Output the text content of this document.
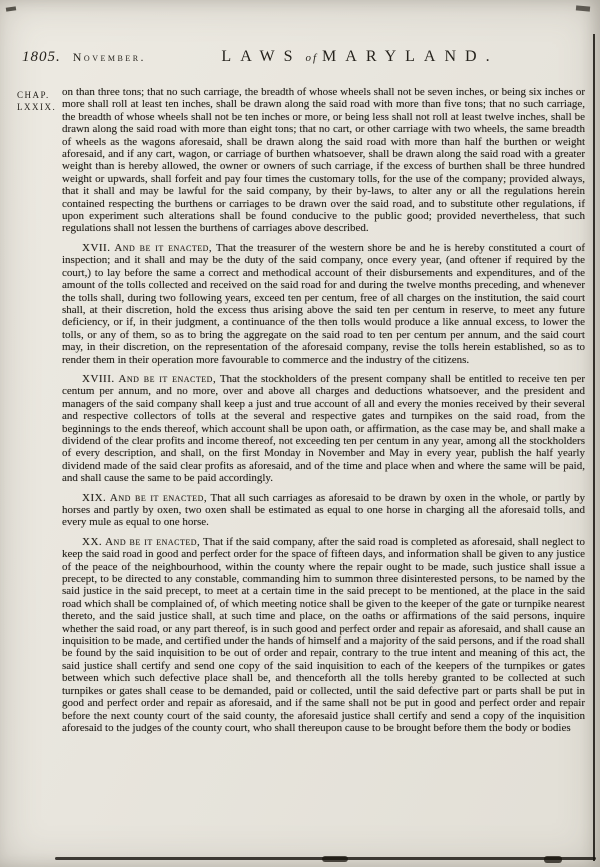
1805. November.	LAWS of MARYLAND.
CHAP.
LXXIX.

on than three tons; that no such carriage, the breadth of whose wheels shall not be seven inches, or being six inches or more shall roll at least ten inches, shall be drawn along the said road with more than five tons; that no such carriage, the breadth of whose wheels shall not be ten inches or more, or being less shall not roll at least twelve inches, shall be drawn along the said road with more than eight tons; that no cart, or other carriage with two wheels, the same breadth of wheels as the wagons aforesaid, shall be drawn along the said road with more than half the burthen or weight aforesaid, and if any cart, wagon, or carriage of burthen whatsoever, shall be drawn along the said road with a greater weight than is hereby allowed, the owner or owners of such carriage, if the excess of burthen shall be three hundred weight or upwards, shall forfeit and pay four times the customary tolls, for the use of the company; provided always, that it shall and may be lawful for the said company, by their by-laws, to alter any or all the regulations herein contained respecting the burthens or carriages to be drawn over the said road, and to substitute other regulations, if upon experiment such alterations shall be found conducive to the public good; provided nevertheless, that such regulations shall not lessen the burthens of carriages above described.

XVII. And be it enacted, That the treasurer of the western shore be and he is hereby constituted a court of inspection; and it shall and may be the duty of the said company, once every year, (and oftener if required by the court,) to lay before the same a correct and methodical account of their disbursements and expenditures, and of the amount of the tolls collected and received on the said road for and during the twelve months preceding, and whenever the tolls shall, during two following years, exceed ten per centum, free of all charges on the institution, the said court shall, at their discretion, hold the excess thus arising above the said ten per centum in reserve, to meet any future deficiency, or if, in their judgment, a continuance of the then tolls would produce a like annual excess, to lower the tolls, or any of them, so as to bring the aggregate on the said road to ten per centum per annum, and the said court may, in their discretion, on the representation of the aforesaid company, revise the tolls herein established, so as to render them in their operation more favourable to commerce and the industry of the citizens.

XVIII. And be it enacted, That the stockholders of the present company shall be entitled to receive ten per centum per annum, and no more, over and above all charges and deductions whatsoever, and the president and managers of the said company shall keep a just and true account of all and every the monies received by their several and respective collectors of tolls at the several and respective gates and turnpikes on the said road, from the beginnings to the ends thereof, which account shall be upon oath, or affirmation, as the case may be, and shall make a dividend of the clear profits and income thereof, not exceeding ten per centum in any year, among all the stockholders of every description, and shall, on the first Monday in November and May in every year, publish the half yearly dividend made of the said clear profits as aforesaid, and of the time and place when and where the same will be paid, and shall cause the same to be paid accordingly.

XIX. And be it enacted, That all such carriages as aforesaid to be drawn by oxen in the whole, or partly by horses and partly by oxen, two oxen shall be estimated as equal to one horse in charging all the aforesaid tolls, and every mule as equal to one horse.

XX. And be it enacted, That if the said company, after the said road is completed as aforesaid, shall neglect to keep the said road in good and perfect order for the space of fifteen days, and information shall be given to any justice of the peace of the neighbourhood, within the county where the repair ought to be made, such justice shall issue a precept, to be directed to any constable, commanding him to summon three disinterested persons, to be named by the said justice in the said precept, to meet at a certain time in the said precept to be mentioned, at the place in the said road which shall be complained of, of which meeting notice shall be given to the keeper of the gate or turnpike nearest thereto, and the said justice shall, at such time and place, on the oaths or affirmations of the said persons, inquire whether the said road, or any part thereof, is in such good and perfect order and repair as aforesaid, and shall cause an inquisition to be made, and certified under the hands of himself and a majority of the said persons, and if the road shall be found by the said inquisition to be out of order and repair, contrary to the true intent and meaning of this act, the said justice shall certify and send one copy of the said inquisition to each of the keepers of the turnpikes or gates between which such defective place shall be, and thenceforth all the tolls hereby granted to be collected at such turnpikes or gates shall cease to be demanded, paid or collected, until the said defective part or parts shall be put in good and perfect order and repair as aforesaid, and if the same shall not be put in good and perfect order and repair before the next county court of the said county, the aforesaid justice shall certify and send a copy of the inquisition aforesaid to the judges of the county court, who shall thereupon cause to be brought before them the body or bodies
